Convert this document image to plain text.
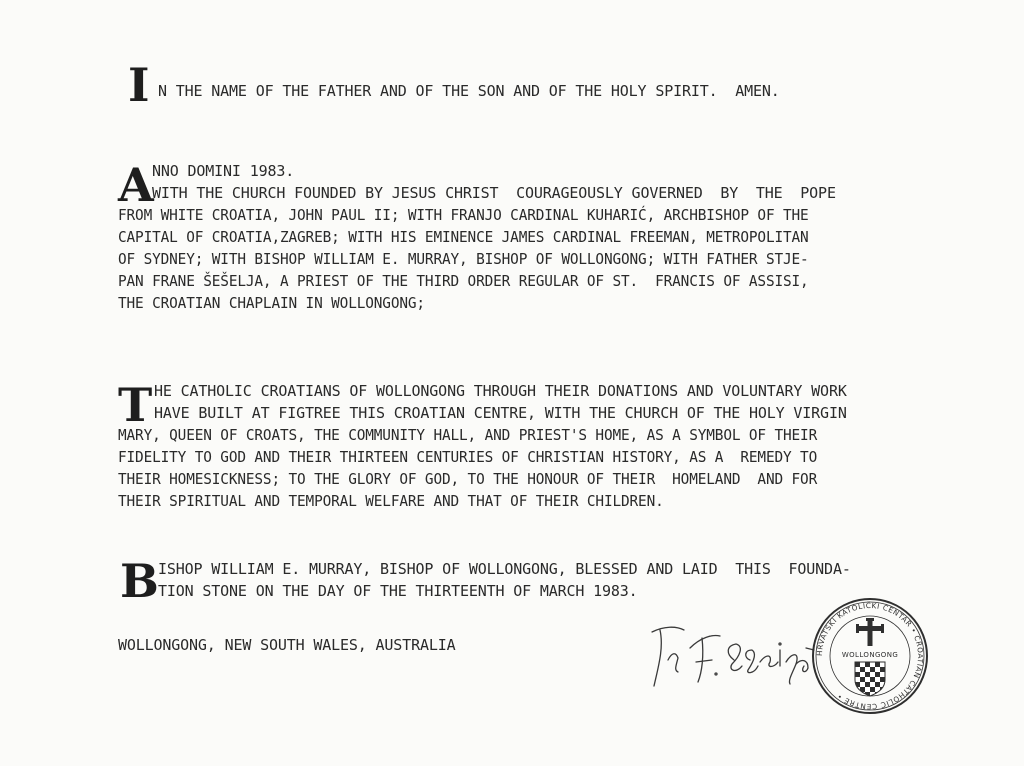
I N THE NAME OF THE FATHER AND OF THE SON AND OF THE HOLY SPIRIT.  AMEN.
A
NNO DOMINI 1983.
WITH THE CHURCH FOUNDED BY JESUS CHRIST  COURAGEOUSLY GOVERNED  BY  THE  POPE
FROM WHITE CROATIA, JOHN PAUL II; WITH FRANJO CARDINAL KUHARIĆ, ARCHBISHOP OF THE
CAPITAL OF CROATIA,ZAGREB; WITH HIS EMINENCE JAMES CARDINAL FREEMAN, METROPOLITAN
OF SYDNEY; WITH BISHOP WILLIAM E. MURRAY, BISHOP OF WOLLONGONG; WITH FATHER STJE-
PAN FRANE ŠEŠELJA, A PRIEST OF THE THIRD ORDER REGULAR OF ST.  FRANCIS OF ASSISI,
THE CROATIAN CHAPLAIN IN WOLLONGONG;
T HE CATHOLIC CROATIANS OF WOLLONGONG THROUGH THEIR DONATIONS AND VOLUNTARY WORK
HAVE BUILT AT FIGTREE THIS CROATIAN CENTRE, WITH THE CHURCH OF THE HOLY VIRGIN
MARY, QUEEN OF CROATS, THE COMMUNITY HALL, AND PRIEST'S HOME, AS A SYMBOL OF THEIR
FIDELITY TO GOD AND THEIR THIRTEEN CENTURIES OF CHRISTIAN HISTORY, AS A  REMEDY TO
THEIR HOMESICKNESS; TO THE GLORY OF GOD, TO THE HONOUR OF THEIR  HOMELAND  AND FOR
THEIR SPIRITUAL AND TEMPORAL WELFARE AND THAT OF THEIR CHILDREN.
B ISHOP WILLIAM E. MURRAY, BISHOP OF WOLLONGONG, BLESSED AND LAID  THIS  FOUNDA-
TION STONE ON THE DAY OF THE THIRTEENTH OF MARCH 1983.
WOLLONGONG, NEW SOUTH WALES, AUSTRALIA	HRVATSKI KATOLIČKI CENTAR • CROATIAN CATHOLIC CENTRE •
WOLLONGONG
